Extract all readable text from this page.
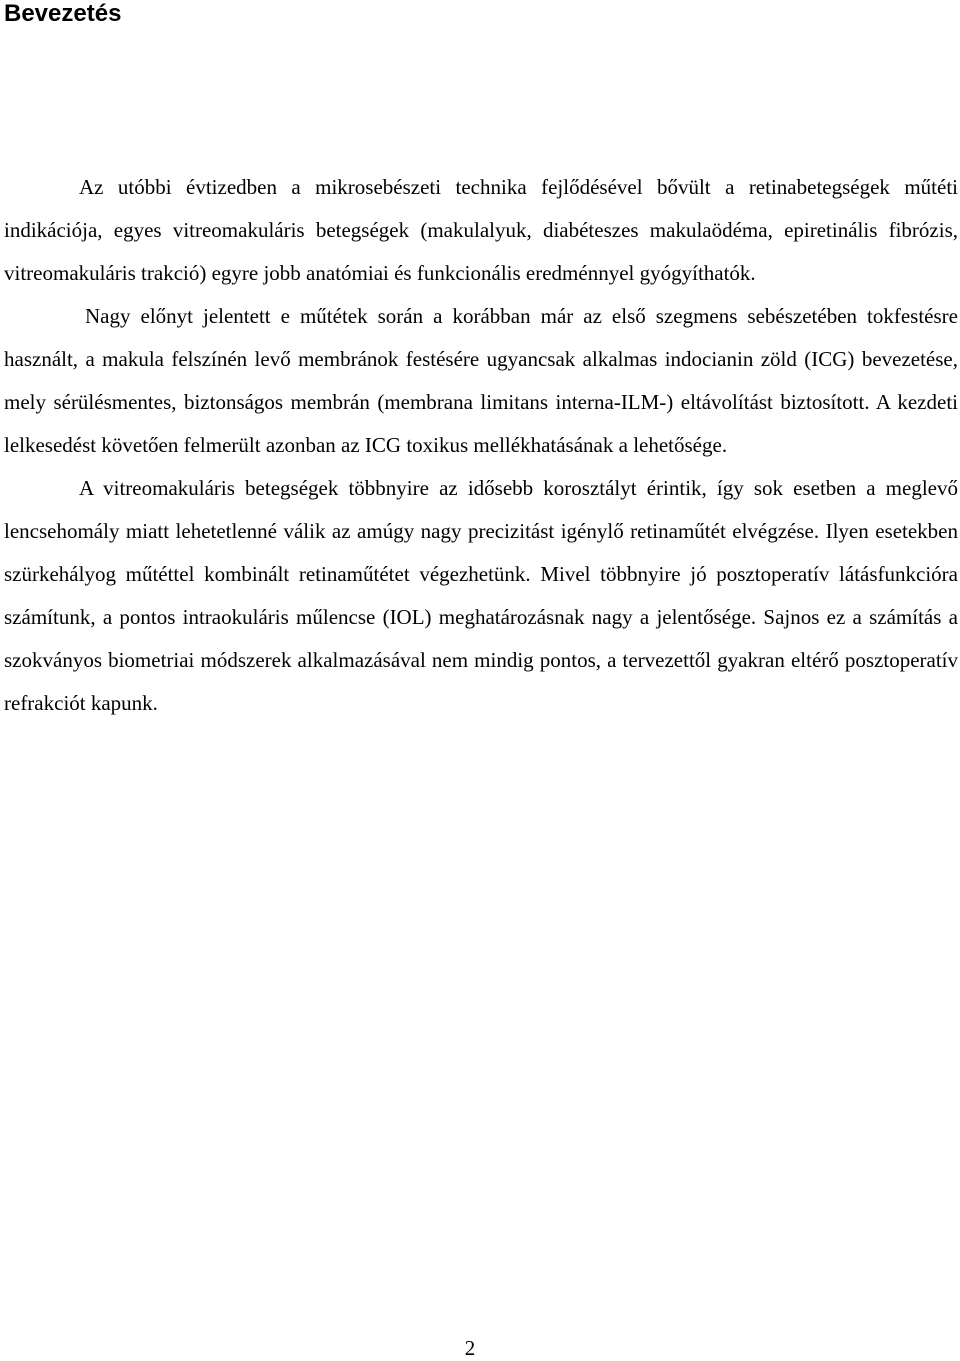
Bevezetés

Az utóbbi évtizedben a mikrosebészeti technika fejlődésével bővült a retinabetegségek műtéti indikációja, egyes vitreomakuláris betegségek (makulalyuk, diabéteszes makulaödéma, epiretinális fibrózis, vitreomakuláris trakció) egyre jobb anatómiai és funkcionális eredménnyel gyógyíthatók.

Nagy előnyt jelentett e műtétek során a korábban már az első szegmens sebészetében tokfestésre használt, a makula felszínén levő membránok festésére ugyancsak alkalmas indocianin zöld (ICG) bevezetése, mely sérülésmentes, biztonságos membrán (membrana limitans interna-ILM-) eltávolítást biztosított. A kezdeti lelkesedést követően felmerült azonban az ICG toxikus mellékhatásának a lehetősége.

A vitreomakuláris betegségek többnyire az idősebb korosztályt érintik, így sok esetben a meglevő lencsehomály miatt lehetetlenné válik az amúgy nagy precizitást igénylő retinaműtét elvégzése. Ilyen esetekben szürkehályog műtéttel kombinált retinaműtétet végezhetünk. Mivel többnyire jó posztoperatív látásfunkcióra számítunk, a pontos intraokuláris műlencse (IOL) meghatározásnak nagy a jelentősége. Sajnos ez a számítás a szokványos biometriai módszerek alkalmazásával nem mindig pontos, a tervezettől gyakran eltérő posztoperatív refrakciót kapunk.

2
